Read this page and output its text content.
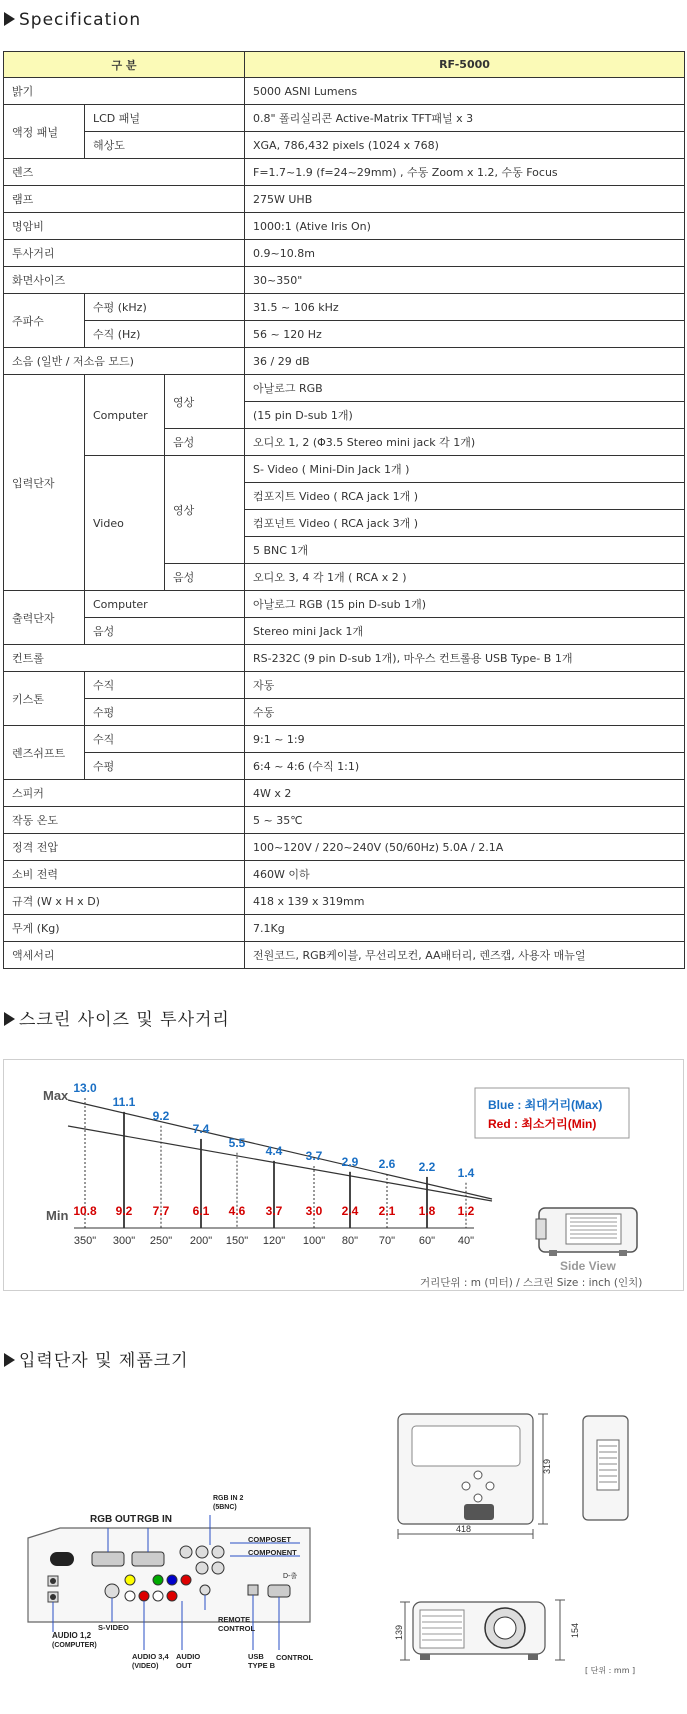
Specification
구 분			RF-5000
밝기			5000 ASNI Lumens
액정 패널	LCD 패널		0.8" 폴리실리콘 Active-Matrix TFT패널 x 3
	해상도		XGA, 786,432 pixels (1024 x 768)
렌즈			F=1.7~1.9 (f=24~29mm) , 수동 Zoom x 1.2, 수동 Focus
램프			275W UHB
명암비			1000:1 (Ative Iris On)
투사거리			0.9~10.8m
화면사이즈			30~350"
주파수	수평 (kHz)		31.5 ~ 106 kHz
	수직 (Hz)		56 ~ 120 Hz
소음 (일반 / 저소음 모드)			36 / 29 dB
입력단자	Computer	영상	아날로그 RGB
			(15 pin D-sub 1개)
		음성	오디오 1, 2 (Φ3.5 Stereo mini jack 각 1개)
	Video	영상	S- Video ( Mini-Din Jack 1개 )
			컴포지트 Video ( RCA jack 1개 )
			컴포넌트 Video ( RCA jack 3개 )
			5 BNC 1개
		음성	오디오 3, 4 각 1개 ( RCA x 2 )
출력단자	Computer		아날로그 RGB (15 pin D-sub 1개)
	음성		Stereo mini Jack 1개
컨트롤			RS-232C (9 pin D-sub 1개), 마우스 컨트롤용 USB Type- B 1개
키스톤	수직		자동
	수평		수동
렌즈쉬프트	수직		9:1 ~ 1:9
	수평		6:4 ~ 4:6 (수직 1:1)
스피커			4W x 2
작동 온도			5 ~ 35℃
정격 전압			100~120V / 220~240V (50/60Hz) 5.0A / 2.1A
소비 전력			460W 이하
규격 (W x H x D)			418 x 139 x 319mm
무게 (Kg)			7.1Kg
액세서리			전원코드, RGB케이블, 무선리모컨, AA배터리, 렌즈캡, 사용자 매뉴얼
스크린 사이즈 및 투사거리
13.0
10.8
350"
11.1
9.2
300"
9.2
7.7
250"
7.4
6.1
200"
5.5
4.6
150"
4.4
3.7
120"
3.7
3.0
100"
2.9
2.4
80"
2.6
2.1
70"
2.2
1.8
60"
1.4
1.2
40"
Max
Min
Blue : 최대거리(Max)
Red : 최소거리(Min)
Side View
거리단위 : m (미터) / 스크린 Size : inch (인치)
입력단자 및 제품크기
RGB OUT RGB IN
RGB IN 2
(5BNC)
COMPOSET
COMPONENT
D-출
AUDIO 1,2
(COMPUTER)
S-VIDEO
REMOTE
CONTROL
AUDIO 3,4
(VIDEO)
AUDIO
OUT
USB
TYPE B
CONTROL
319
418
139	154
[ 단위 : mm ]
